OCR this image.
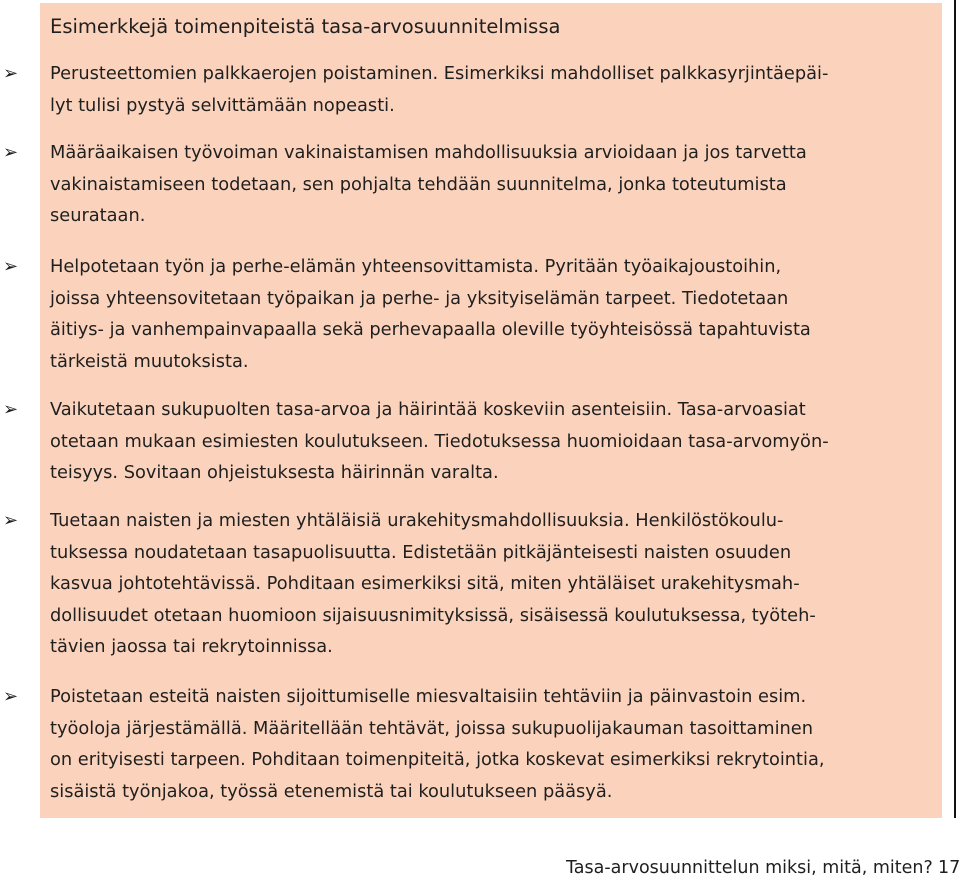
Esimerkkejä toimenpiteistä tasa-arvosuunnitelmissa
➢ Perusteettomien palkkaerojen poistaminen. Esimerkiksi mahdolliset palkkasyrjintäepäi-
lyt tulisi pystyä selvittämään nopeasti.
➢ Määräaikaisen työvoiman vakinaistamisen mahdollisuuksia arvioidaan ja jos tarvetta
vakinaistamiseen todetaan, sen pohjalta tehdään suunnitelma, jonka toteutumista
seurataan.
➢ Helpotetaan työn ja perhe-elämän yhteensovittamista. Pyritään työaikajoustoihin,
joissa yhteensovitetaan työpaikan ja perhe- ja yksityiselämän tarpeet. Tiedotetaan
äitiys- ja vanhempainvapaalla sekä perhevapaalla oleville työyhteisössä tapahtuvista
tärkeistä muutoksista.
➢ Vaikutetaan sukupuolten tasa-arvoa ja häirintää koskeviin asenteisiin. Tasa-arvoasiat
otetaan mukaan esimiesten koulutukseen. Tiedotuksessa huomioidaan tasa-arvomyön-
teisyys. Sovitaan ohjeistuksesta häirinnän varalta.
➢ Tuetaan naisten ja miesten yhtäläisiä urakehitysmahdollisuuksia. Henkilöstökoulu-
tuksessa noudatetaan tasapuolisuutta. Edistetään pitkäjänteisesti naisten osuuden
kasvua johtotehtävissä. Pohditaan esimerkiksi sitä, miten yhtäläiset urakehitysmah-
dollisuudet otetaan huomioon sijaisuusnimityksissä, sisäisessä koulutuksessa, työteh-
tävien jaossa tai rekrytoinnissa.
➢ Poistetaan esteitä naisten sijoittumiselle miesvaltaisiin tehtäviin ja päinvastoin esim.
työoloja järjestämällä. Määritellään tehtävät, joissa sukupuolijakauman tasoittaminen
on erityisesti tarpeen. Pohditaan toimenpiteitä, jotka koskevat esimerkiksi rekrytointia,
sisäistä työnjakoa, työssä etenemistä tai koulutukseen pääsyä.
Tasa-arvosuunnittelun miksi, mitä, miten? 17
